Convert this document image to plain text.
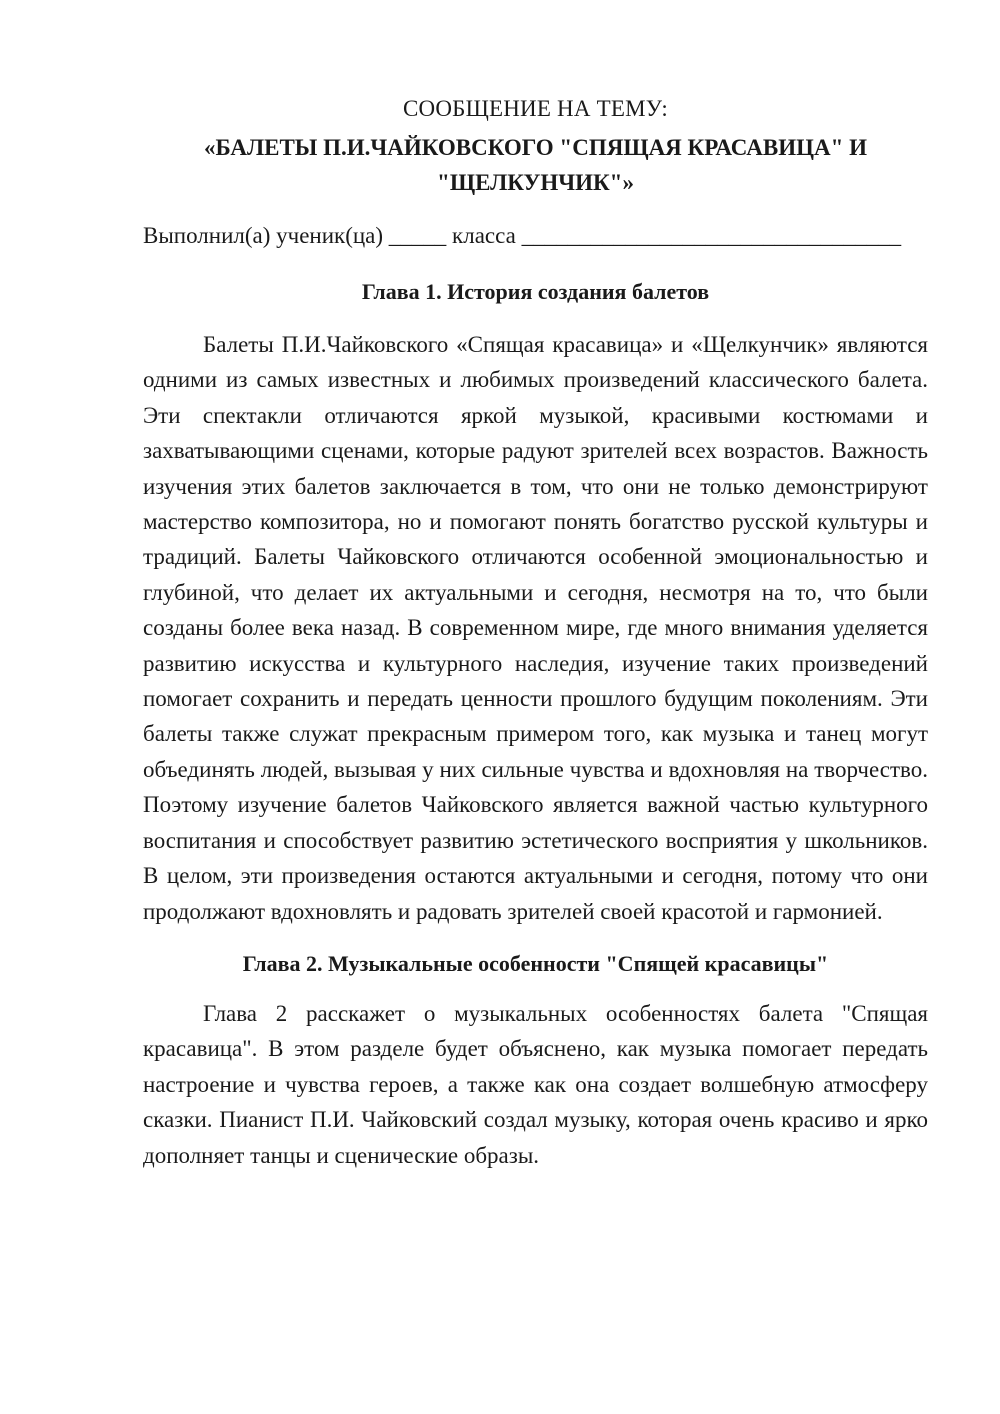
СООБЩЕНИЕ НА ТЕМУ:

«БАЛЕТЫ П.И.ЧАЙКОВСКОГО "СПЯЩАЯ КРАСАВИЦА" И
"ЩЕЛКУНЧИК"»

Выполнил(а) ученик(ца) _____ класса _________________________________

Глава 1. История создания балетов

Балеты П.И.Чайковского «Спящая красавица» и «Щелкунчик» являются одними из самых известных и любимых произведений классического балета. Эти спектакли отличаются яркой музыкой, красивыми костюмами и захватывающими сценами, которые радуют зрителей всех возрастов. Важность изучения этих балетов заключается в том, что они не только демонстрируют мастерство композитора, но и помогают понять богатство русской культуры и традиций. Балеты Чайковского отличаются особенной эмоциональностью и глубиной, что делает их актуальными и сегодня, несмотря на то, что были созданы более века назад. В современном мире, где много внимания уделяется развитию искусства и культурного наследия, изучение таких произведений помогает сохранить и передать ценности прошлого будущим поколениям. Эти балеты также служат прекрасным примером того, как музыка и танец могут объединять людей, вызывая у них сильные чувства и вдохновляя на творчество. Поэтому изучение балетов Чайковского является важной частью культурного воспитания и способствует развитию эстетического восприятия у школьников. В целом, эти произведения остаются актуальными и сегодня, потому что они продолжают вдохновлять и радовать зрителей своей красотой и гармонией.

Глава 2. Музыкальные особенности "Спящей красавицы"

Глава 2 расскажет о музыкальных особенностях балета "Спящая красавица". В этом разделе будет объяснено, как музыка помогает передать настроение и чувства героев, а также как она создает волшебную атмосферу сказки. Пианист П.И. Чайковский создал музыку, которая очень красиво и ярко дополняет танцы и сценические образы.
